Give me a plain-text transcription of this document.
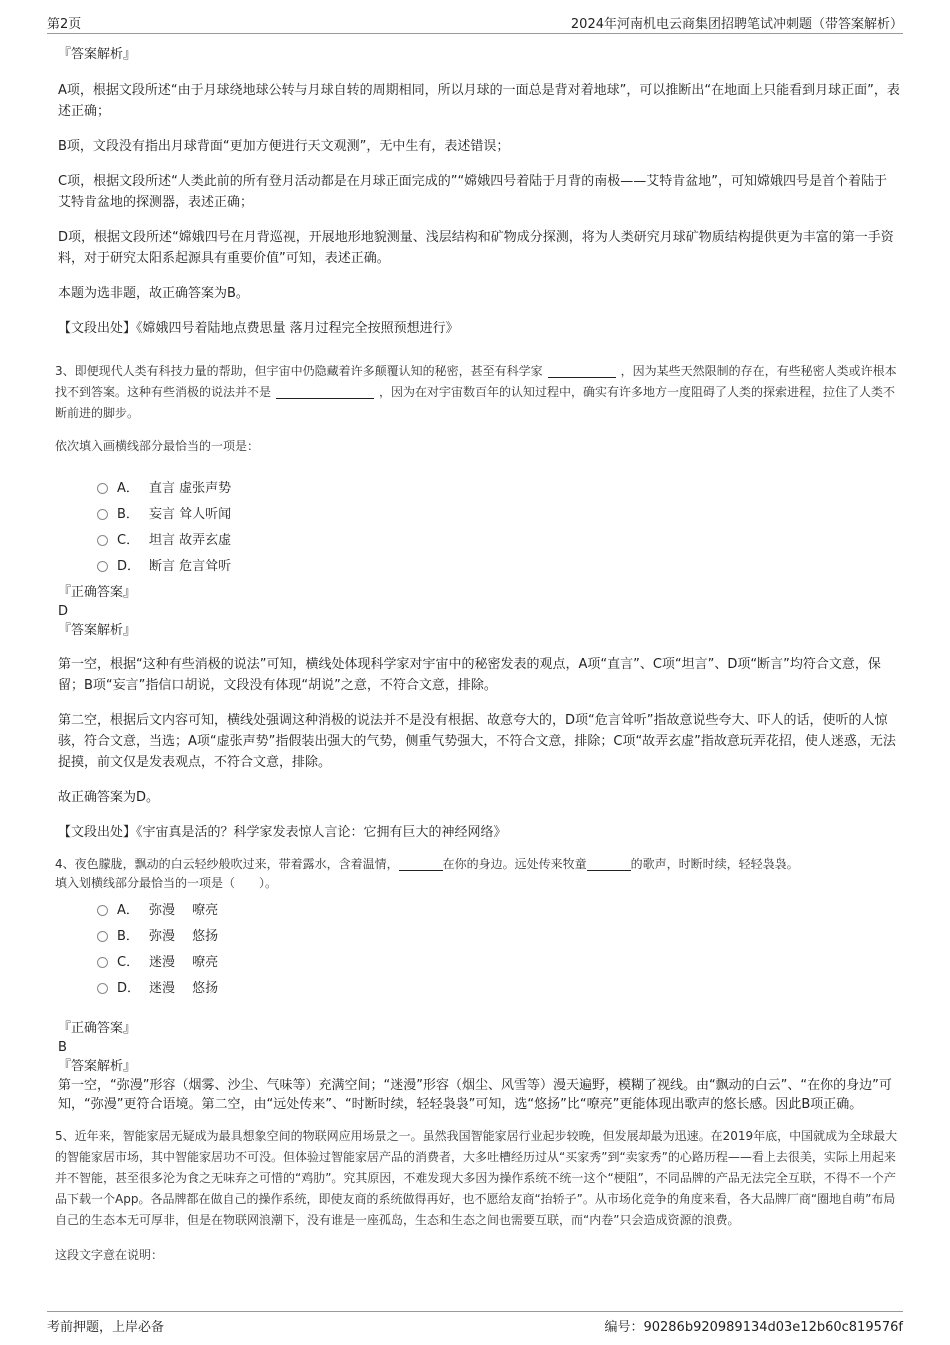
第2页	2024年河南机电云商集团招聘笔试冲刺题（带答案解析）
『答案解析』

A项，根据文段所述“由于月球绕地球公转与月球自转的周期相同，所以月球的一面总是背对着地球”，可以推断出“在地面上只能看到月球正面”，表述正确；

B项，文段没有指出月球背面“更加方便进行天文观测”，无中生有，表述错误；

C项，根据文段所述“人类此前的所有登月活动都是在月球正面完成的”“嫦娥四号着陆于月背的南极——艾特肯盆地”，可知嫦娥四号是首个着陆于艾特肯盆地的探测器，表述正确；

D项，根据文段所述“嫦娥四号在月背巡视，开展地形地貌测量、浅层结构和矿物成分探测，将为人类研究月球矿物质结构提供更为丰富的第一手资料，对于研究太阳系起源具有重要价值”可知，表述正确。

本题为选非题，故正确答案为B。

【文段出处】《嫦娥四号着陆地点费思量 落月过程完全按照预想进行》

3、即便现代人类有科技力量的帮助，但宇宙中仍隐藏着许多颠覆认知的秘密，甚至有科学家	，因为某些天然限制的存在，有些秘密人类或许根本找不到答案。这种有些消极的说法并不是	，因为在对宇宙数百年的认知过程中，确实有许多地方一度阻碍了人类的探索进程，拉住了人类不断前进的脚步。

依次填入画横线部分最恰当的一项是：

A． 直言 虚张声势
B． 妄言 耸人听闻
C． 坦言 故弄玄虚
D． 断言 危言耸听
『正确答案』
D
『答案解析』

第一空，根据“这种有些消极的说法”可知，横线处体现科学家对宇宙中的秘密发表的观点，A项“直言”、C项“坦言”、D项“断言”均符合文意，保留；B项“妄言”指信口胡说，文段没有体现“胡说”之意，不符合文意，排除。

第二空，根据后文内容可知，横线处强调这种消极的说法并不是没有根据、故意夸大的，D项“危言耸听”指故意说些夸大、吓人的话，使听的人惊骇，符合文意，当选；A项“虚张声势”指假装出强大的气势，侧重气势强大，不符合文意，排除；C项“故弄玄虚”指故意玩弄花招，使人迷惑，无法捉摸，前文仅是发表观点，不符合文意，排除。

故正确答案为D。

【文段出处】《宇宙真是活的？科学家发表惊人言论：它拥有巨大的神经网络》

4、夜色朦胧，飘动的白云轻纱般吹过来，带着露水，含着温情，	在你的身边。远处传来牧童	的歌声，时断时续，轻轻袅袅。

填入划横线部分最恰当的一项是（　　）。

A． 弥漫　 嘹亮
B． 弥漫　 悠扬
C． 迷漫　 嘹亮
D． 迷漫　 悠扬
『正确答案』
B
『答案解析』

第一空，“弥漫”形容（烟雾、沙尘、气味等）充满空间；“迷漫”形容（烟尘、风雪等）漫天遍野，模糊了视线。由“飘动的白云”、“在你的身边”可知，“弥漫”更符合语境。第二空，由“远处传来”、“时断时续，轻轻袅袅”可知，选“悠扬”比“嘹亮”更能体现出歌声的悠长感。因此B项正确。

5、近年来，智能家居无疑成为最具想象空间的物联网应用场景之一。虽然我国智能家居行业起步较晚，但发展却最为迅速。在2019年底，中国就成为全球最大的智能家居市场，其中智能家居功不可没。但体验过智能家居产品的消费者，大多吐槽经历过从“买家秀”到“卖家秀”的心路历程——看上去很美，实际上用起来并不智能，甚至很多沦为食之无味弃之可惜的“鸡肋”。究其原因，不难发现大多因为操作系统不统一这个“梗阻”，不同品牌的产品无法完全互联，不得不一个产品下载一个App。各品牌都在做自己的操作系统，即使友商的系统做得再好，也不愿给友商“抬轿子”。从市场化竞争的角度来看，各大品牌厂商“圈地自萌”布局自己的生态本无可厚非，但是在物联网浪潮下，没有谁是一座孤岛，生态和生态之间也需要互联，而“内卷”只会造成资源的浪费。

这段文字意在说明：

考前押题，上岸必备	编号：90286b920989134d03e12b60c819576f
